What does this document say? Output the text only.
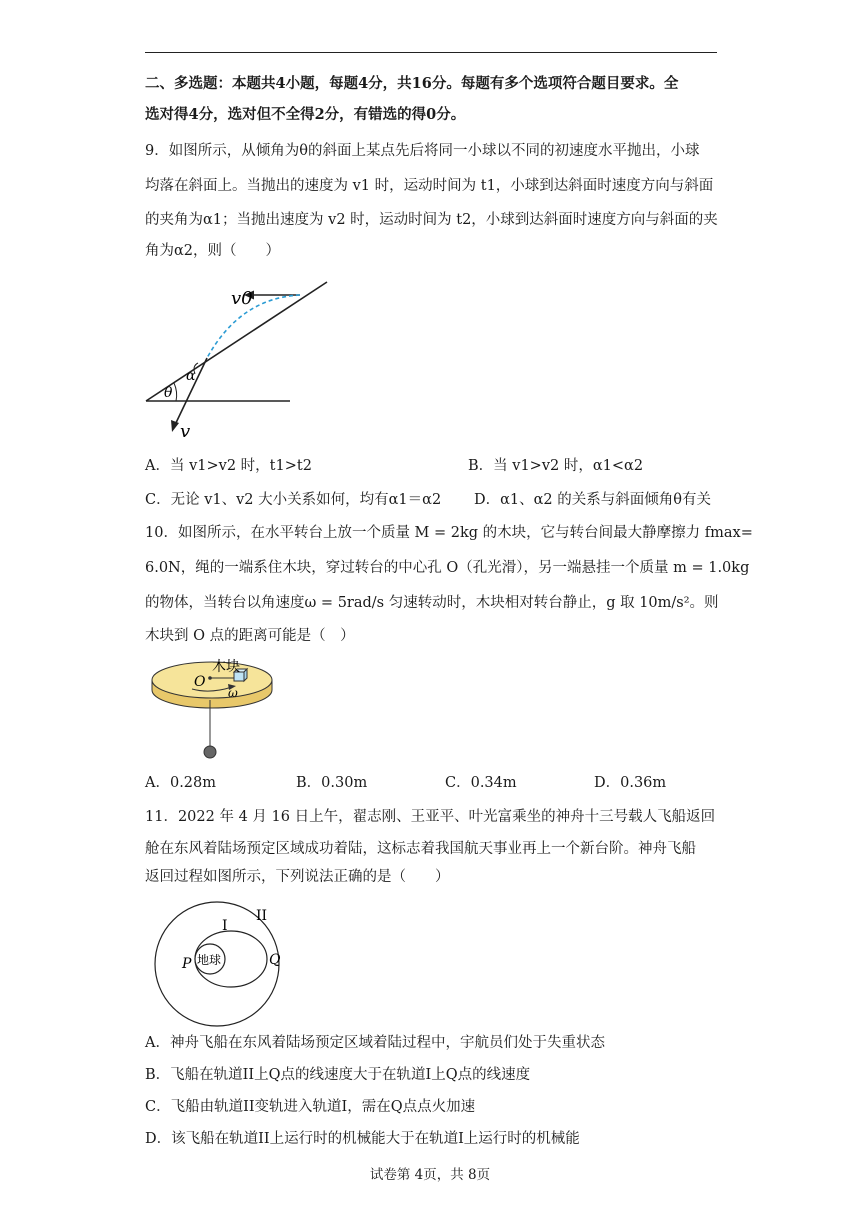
二、多选题：本题共4小题，每题4分，共16分。每题有多个选项符合题目要求。全
选对得4分，选对但不全得2分，有错选的得0分。
9．如图所示，从倾角为θ的斜面上某点先后将同一小球以不同的初速度水平抛出，小球
均落在斜面上。当抛出的速度为 v1 时，运动时间为 t1，小球到达斜面时速度方向与斜面
的夹角为α1；当抛出速度为 v2 时，运动时间为 t2，小球到达斜面时速度方向与斜面的夹
角为α2，则（　　）
v0
α
θ
v
A．当 v1>v2 时，t1>t2	B．当 v1>v2 时，α1<α2
C．无论 v1、v2 大小关系如何，均有α1＝α2 D．α1、α2 的关系与斜面倾角θ有关
10．如图所示，在水平转台上放一个质量 M = 2kg 的木块，它与转台间最大静摩擦力 fmax=
6.0N，绳的一端系住木块，穿过转台的中心孔 O（孔光滑），另一端悬挂一个质量 m = 1.0kg
的物体，当转台以角速度ω = 5rad/s 匀速转动时，木块相对转台静止，g 取 10m/s²。则
木块到 O 点的距离可能是（　）
木块
O
ω
A．0.28m	B．0.30m	C．0.34m	D．0.36m
11．2022 年 4 月 16 日上午，翟志刚、王亚平、叶光富乘坐的神舟十三号载人飞船返回
舱在东风着陆场预定区域成功着陆，这标志着我国航天事业再上一个新台阶。神舟飞船
返回过程如图所示，下列说法正确的是（　　）
地球
I
II
P	Q
A．神舟飞船在东风着陆场预定区域着陆过程中，宇航员们处于失重状态
B．飞船在轨道II上Q点的线速度大于在轨道I上Q点的线速度
C．飞船由轨道II变轨进入轨道I，需在Q点点火加速
D．该飞船在轨道II上运行时的机械能大于在轨道I上运行时的机械能
试卷第 4页，共 8页
